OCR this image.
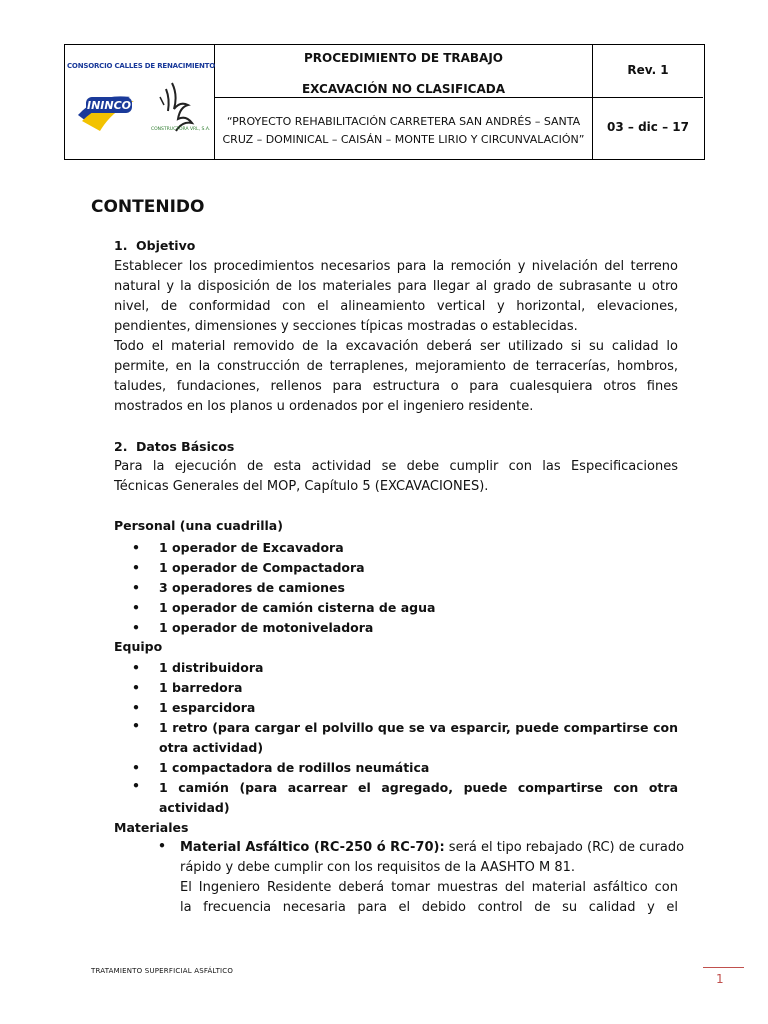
CONSORCIO CALLES DE RENACIMIENTO
ININCO
CONSTRUCTORA VRL, S.A.
PROCEDIMIENTO DE TRABAJO
EXCAVACIÓN NO CLASIFICADA
“PROYECTO REHABILITACIÓN CARRETERA SAN ANDRÉS – SANTA
CRUZ – DOMINICAL – CAISÁN – MONTE LIRIO Y CIRCUNVALACIÓN”
Rev. 1
03 – dic – 17
CONTENIDO
1. Objetivo
Establecer los procedimientos necesarios para la remoción y nivelación del terreno
natural y la disposición de los materiales para llegar al grado de subrasante u otro
nivel, de conformidad con el alineamiento vertical y horizontal, elevaciones,
pendientes, dimensiones y secciones típicas mostradas o establecidas.
Todo el material removido de la excavación deberá ser utilizado si su calidad lo
permite, en la construcción de terraplenes, mejoramiento de terracerías, hombros,
taludes, fundaciones, rellenos para estructura o para cualesquiera otros fines
mostrados en los planos u ordenados por el ingeniero residente.
2. Datos Básicos
Para la ejecución de esta actividad se debe cumplir con las Especificaciones
Técnicas Generales del MOP, Capítulo 5 (EXCAVACIONES).
Personal (una cuadrilla)
• 1 operador de Excavadora
• 1 operador de Compactadora
• 3 operadores de camiones
• 1 operador de camión cisterna de agua
• 1 operador de motoniveladora
Equipo
• 1 distribuidora
• 1 barredora
• 1 esparcidora
• 1 retro (para cargar el polvillo que se va esparcir, puede compartirse con
otra actividad)
• 1 compactadora de rodillos neumática
• 1 camión (para acarrear el agregado, puede compartirse con otra
actividad)
Materiales
• Material Asfáltico (RC-250 ó RC-70): será el tipo rebajado (RC) de curado
rápido y debe cumplir con los requisitos de la AASHTO M 81.
El Ingeniero Residente deberá tomar muestras del material asfáltico con
la frecuencia necesaria para el debido control de su calidad y el
TRATAMIENTO SUPERFICIAL ASFÁLTICO
1
